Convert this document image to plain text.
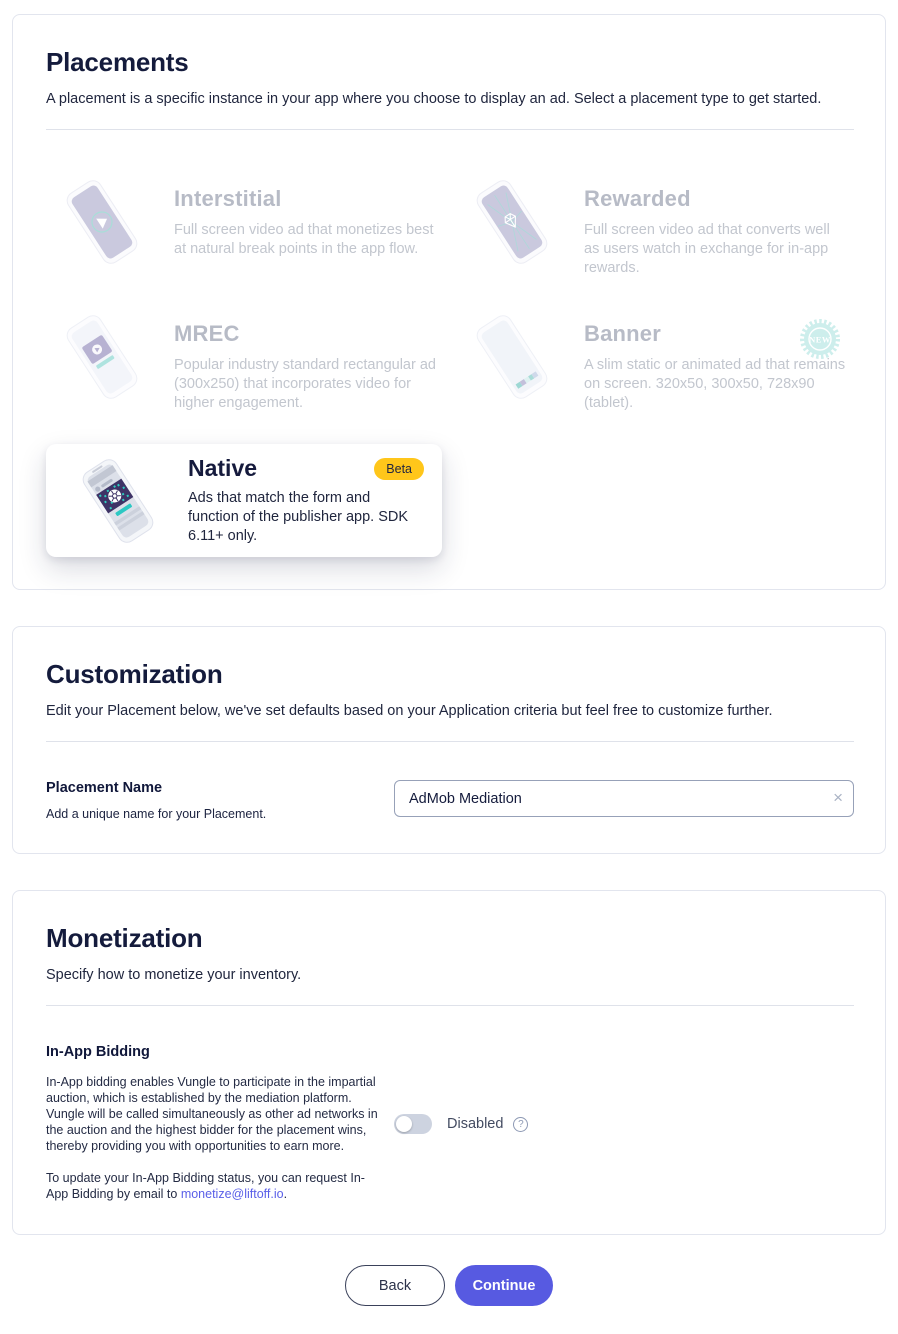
Placements

A placement is a specific instance in your app where you choose to display an ad. Select a placement type to get started.

Interstitial
Full screen video ad that monetizes best at natural break points in the app flow.
Rewarded
Full screen video ad that converts well as users watch in exchange for in-app rewards.
MREC
Popular industry standard rectangular ad (300x250) that incorporates video for higher engagement.
Banner
A slim static or animated ad that remains on screen. 320x50, 300x50, 728x90 (tablet).
NEW
Native	Beta
Ads that match the form and function of the publisher app. SDK 6.11+ only.
Customization

Edit your Placement below, we've set defaults based on your Application criteria but feel free to customize further.

Placement Name
Add a unique name for your Placement.
AdMob Mediation
×
Monetization

Specify how to monetize your inventory.

In-App Bidding

In-App bidding enables Vungle to participate in the impartial auction, which is established by the mediation platform. Vungle will be called simultaneously as other ad networks in the auction and the highest bidder for the placement wins, thereby providing you with opportunities to earn more.

To update your In-App Bidding status, you can request In-App Bidding by email to monetize@liftoff.io.

Disabled	?
Back	Continue
